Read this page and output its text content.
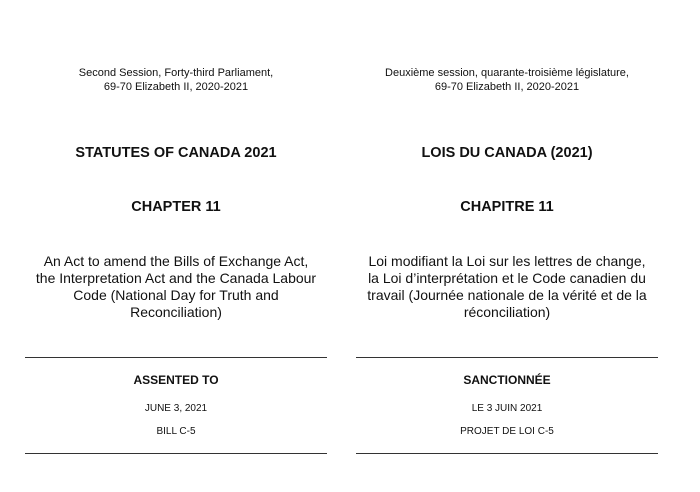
Second Session, Forty-third Parliament,
69-70 Elizabeth II, 2020-2021
STATUTES OF CANADA 2021
CHAPTER 11
An Act to amend the Bills of Exchange Act,
the Interpretation Act and the Canada Labour
Code (National Day for Truth and
Reconciliation)
ASSENTED TO
JUNE 3, 2021
BILL C-5
Deuxième session, quarante-troisième législature,
69-70 Elizabeth II, 2020-2021
LOIS DU CANADA (2021)
CHAPITRE 11
Loi modifiant la Loi sur les lettres de change,
la Loi d’interprétation et le Code canadien du
travail (Journée nationale de la vérité et de la
réconciliation)
SANCTIONNÉE
LE 3 JUIN 2021
PROJET DE LOI C-5
